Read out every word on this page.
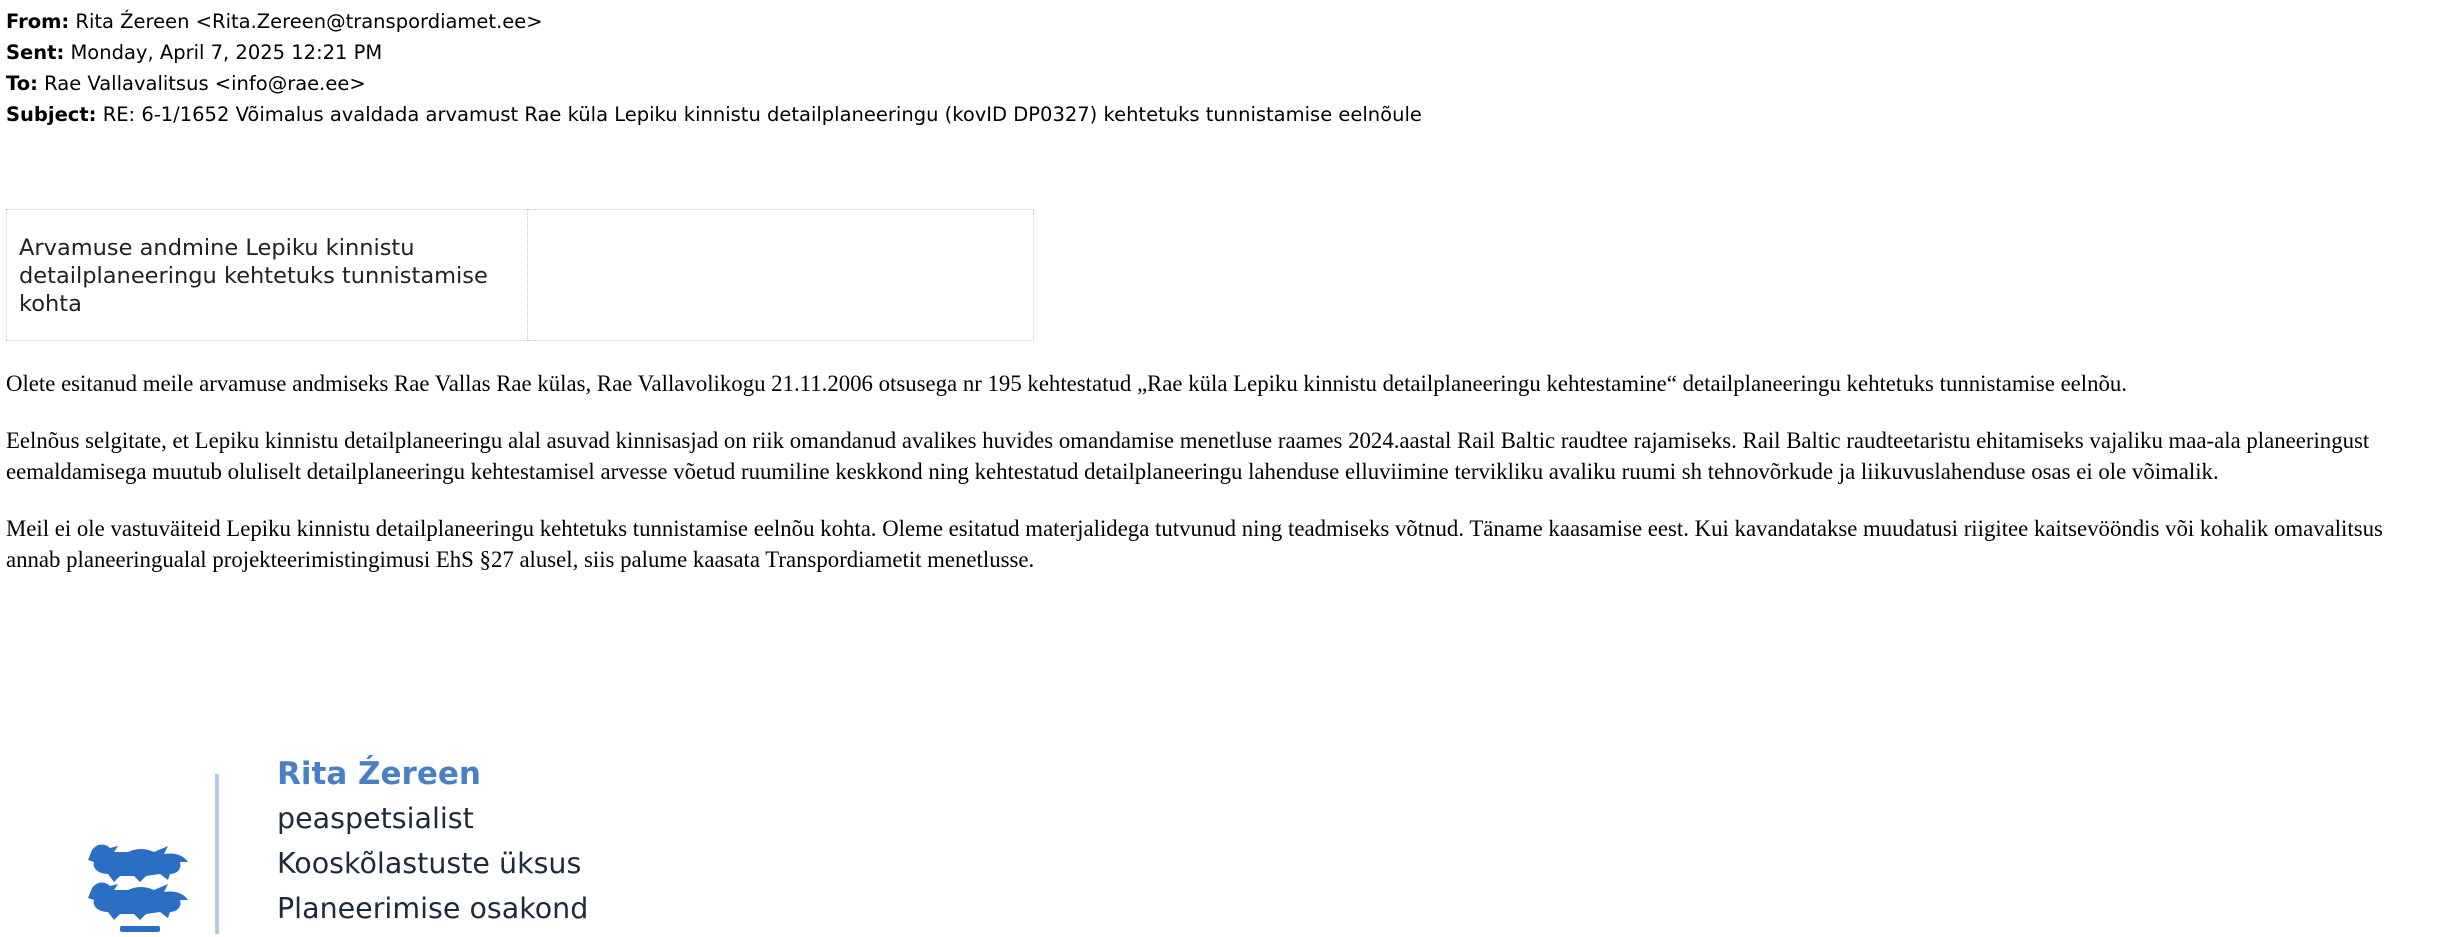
From: Rita Źereen <Rita.Zereen@transpordiamet.ee>
Sent: Monday, April 7, 2025 12:21 PM
To: Rae Vallavalitsus <info@rae.ee>
Subject: RE: 6-1/1652 Võimalus avaldada arvamust Rae küla Lepiku kinnistu detailplaneeringu (kovID DP0327) kehtetuks tunnistamise eelnõule
Arvamuse andmine Lepiku kinnistu detailplaneeringu kehtetuks tunnistamise kohta	

Olete esitanud meile arvamuse andmiseks Rae Vallas Rae külas, Rae Vallavolikogu 21.11.2006 otsusega nr 195 kehtestatud „Rae küla Lepiku kinnistu detailplaneeringu kehtestamine“ detailplaneeringu kehtetuks tunnistamise eelnõu.

Eelnõus selgitate, et Lepiku kinnistu detailplaneeringu alal asuvad kinnisasjad on riik omandanud avalikes huvides omandamise menetluse raames 2024.aastal Rail Baltic raudtee rajamiseks. Rail Baltic raudteetaristu ehitamiseks vajaliku maa-ala planeeringust eemaldamisega muutub oluliselt detailplaneeringu kehtestamisel arvesse võetud ruumiline keskkond ning kehtestatud detailplaneeringu lahenduse elluviimine tervikliku avaliku ruumi sh tehnovõrkude ja liikuvuslahenduse osas ei ole võimalik.

Meil ei ole vastuväiteid Lepiku kinnistu detailplaneeringu kehtetuks tunnistamise eelnõu kohta. Oleme esitatud materjalidega tutvunud ning teadmiseks võtnud. Täname kaasamise eest. Kui kavandatakse muudatusi riigitee kaitsevööndis või kohalik omavalitsus annab planeeringualal projekteerimistingimusi EhS §27 alusel, siis palume kaasata Transpordiametit menetlusse.

Rita Źereen
peaspetsialist
Kooskõlastuste üksus
Planeerimise osakond
